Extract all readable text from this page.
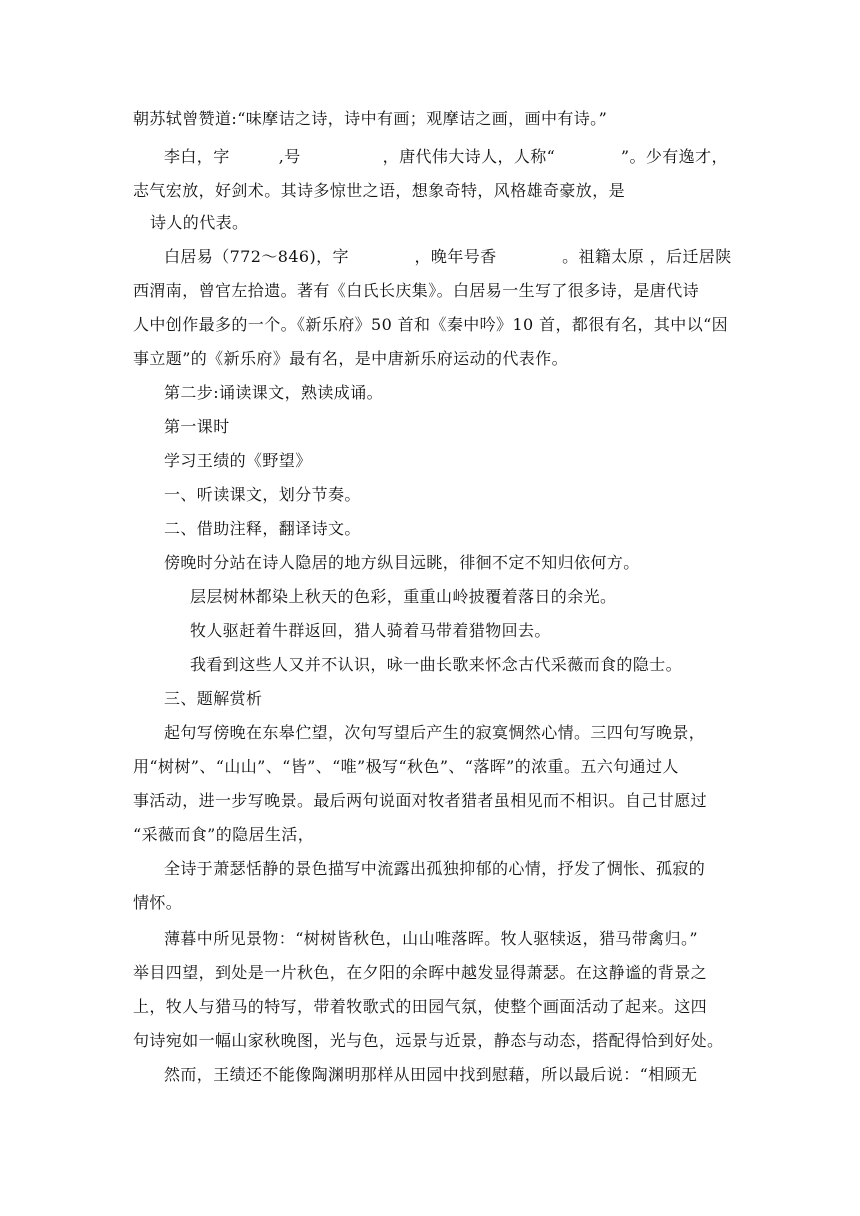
朝苏轼曾赞道:“味摩诘之诗，诗中有画；观摩诘之画，画中有诗。”
李白，字　　　,号　　　　　，唐代伟大诗人，人称“　　　　”。少有逸才，
志气宏放，好剑术。其诗多惊世之语，想象奇特，风格雄奇豪放，是
诗人的代表。
白居易（772～846)，字　　　　，晚年号香　　　　。祖籍太原 ，后迁居陕
西渭南，曾官左拾遗。著有《白氏长庆集》。白居易一生写了很多诗，是唐代诗
人中创作最多的一个。《新乐府》50 首和《秦中吟》10 首，都很有名，其中以“因
事立题”的《新乐府》最有名，是中唐新乐府运动的代表作。
第二步:诵读课文，熟读成诵。
第一课时
学习王绩的《野望》
一、听读课文，划分节奏。
二、借助注释，翻译诗文。
傍晚时分站在诗人隐居的地方纵目远眺，徘徊不定不知归依何方。
层层树林都染上秋天的色彩，重重山岭披覆着落日的余光。
牧人驱赶着牛群返回，猎人骑着马带着猎物回去。
我看到这些人又并不认识，咏一曲长歌来怀念古代采薇而食的隐士。
三、题解赏析
起句写傍晚在东皋伫望，次句写望后产生的寂寞惆然心情。三四句写晚景，
用“树树”、“山山”、“皆”、“唯”极写“秋色”、“落晖”的浓重。五六句通过人
事活动，进一步写晚景。最后两句说面对牧者猎者虽相见而不相识。自己甘愿过
“采薇而食”的隐居生活，
全诗于萧瑟恬静的景色描写中流露出孤独抑郁的心情，抒发了惆怅、孤寂的
情怀。
薄暮中所见景物：“树树皆秋色，山山唯落晖。牧人驱犊返，猎马带禽归。”
举目四望，到处是一片秋色，在夕阳的余晖中越发显得萧瑟。在这静谧的背景之
上，牧人与猎马的特写，带着牧歌式的田园气氛，使整个画面活动了起来。这四
句诗宛如一幅山家秋晚图，光与色，远景与近景，静态与动态，搭配得恰到好处。
然而，王绩还不能像陶渊明那样从田园中找到慰藉，所以最后说：“相顾无
